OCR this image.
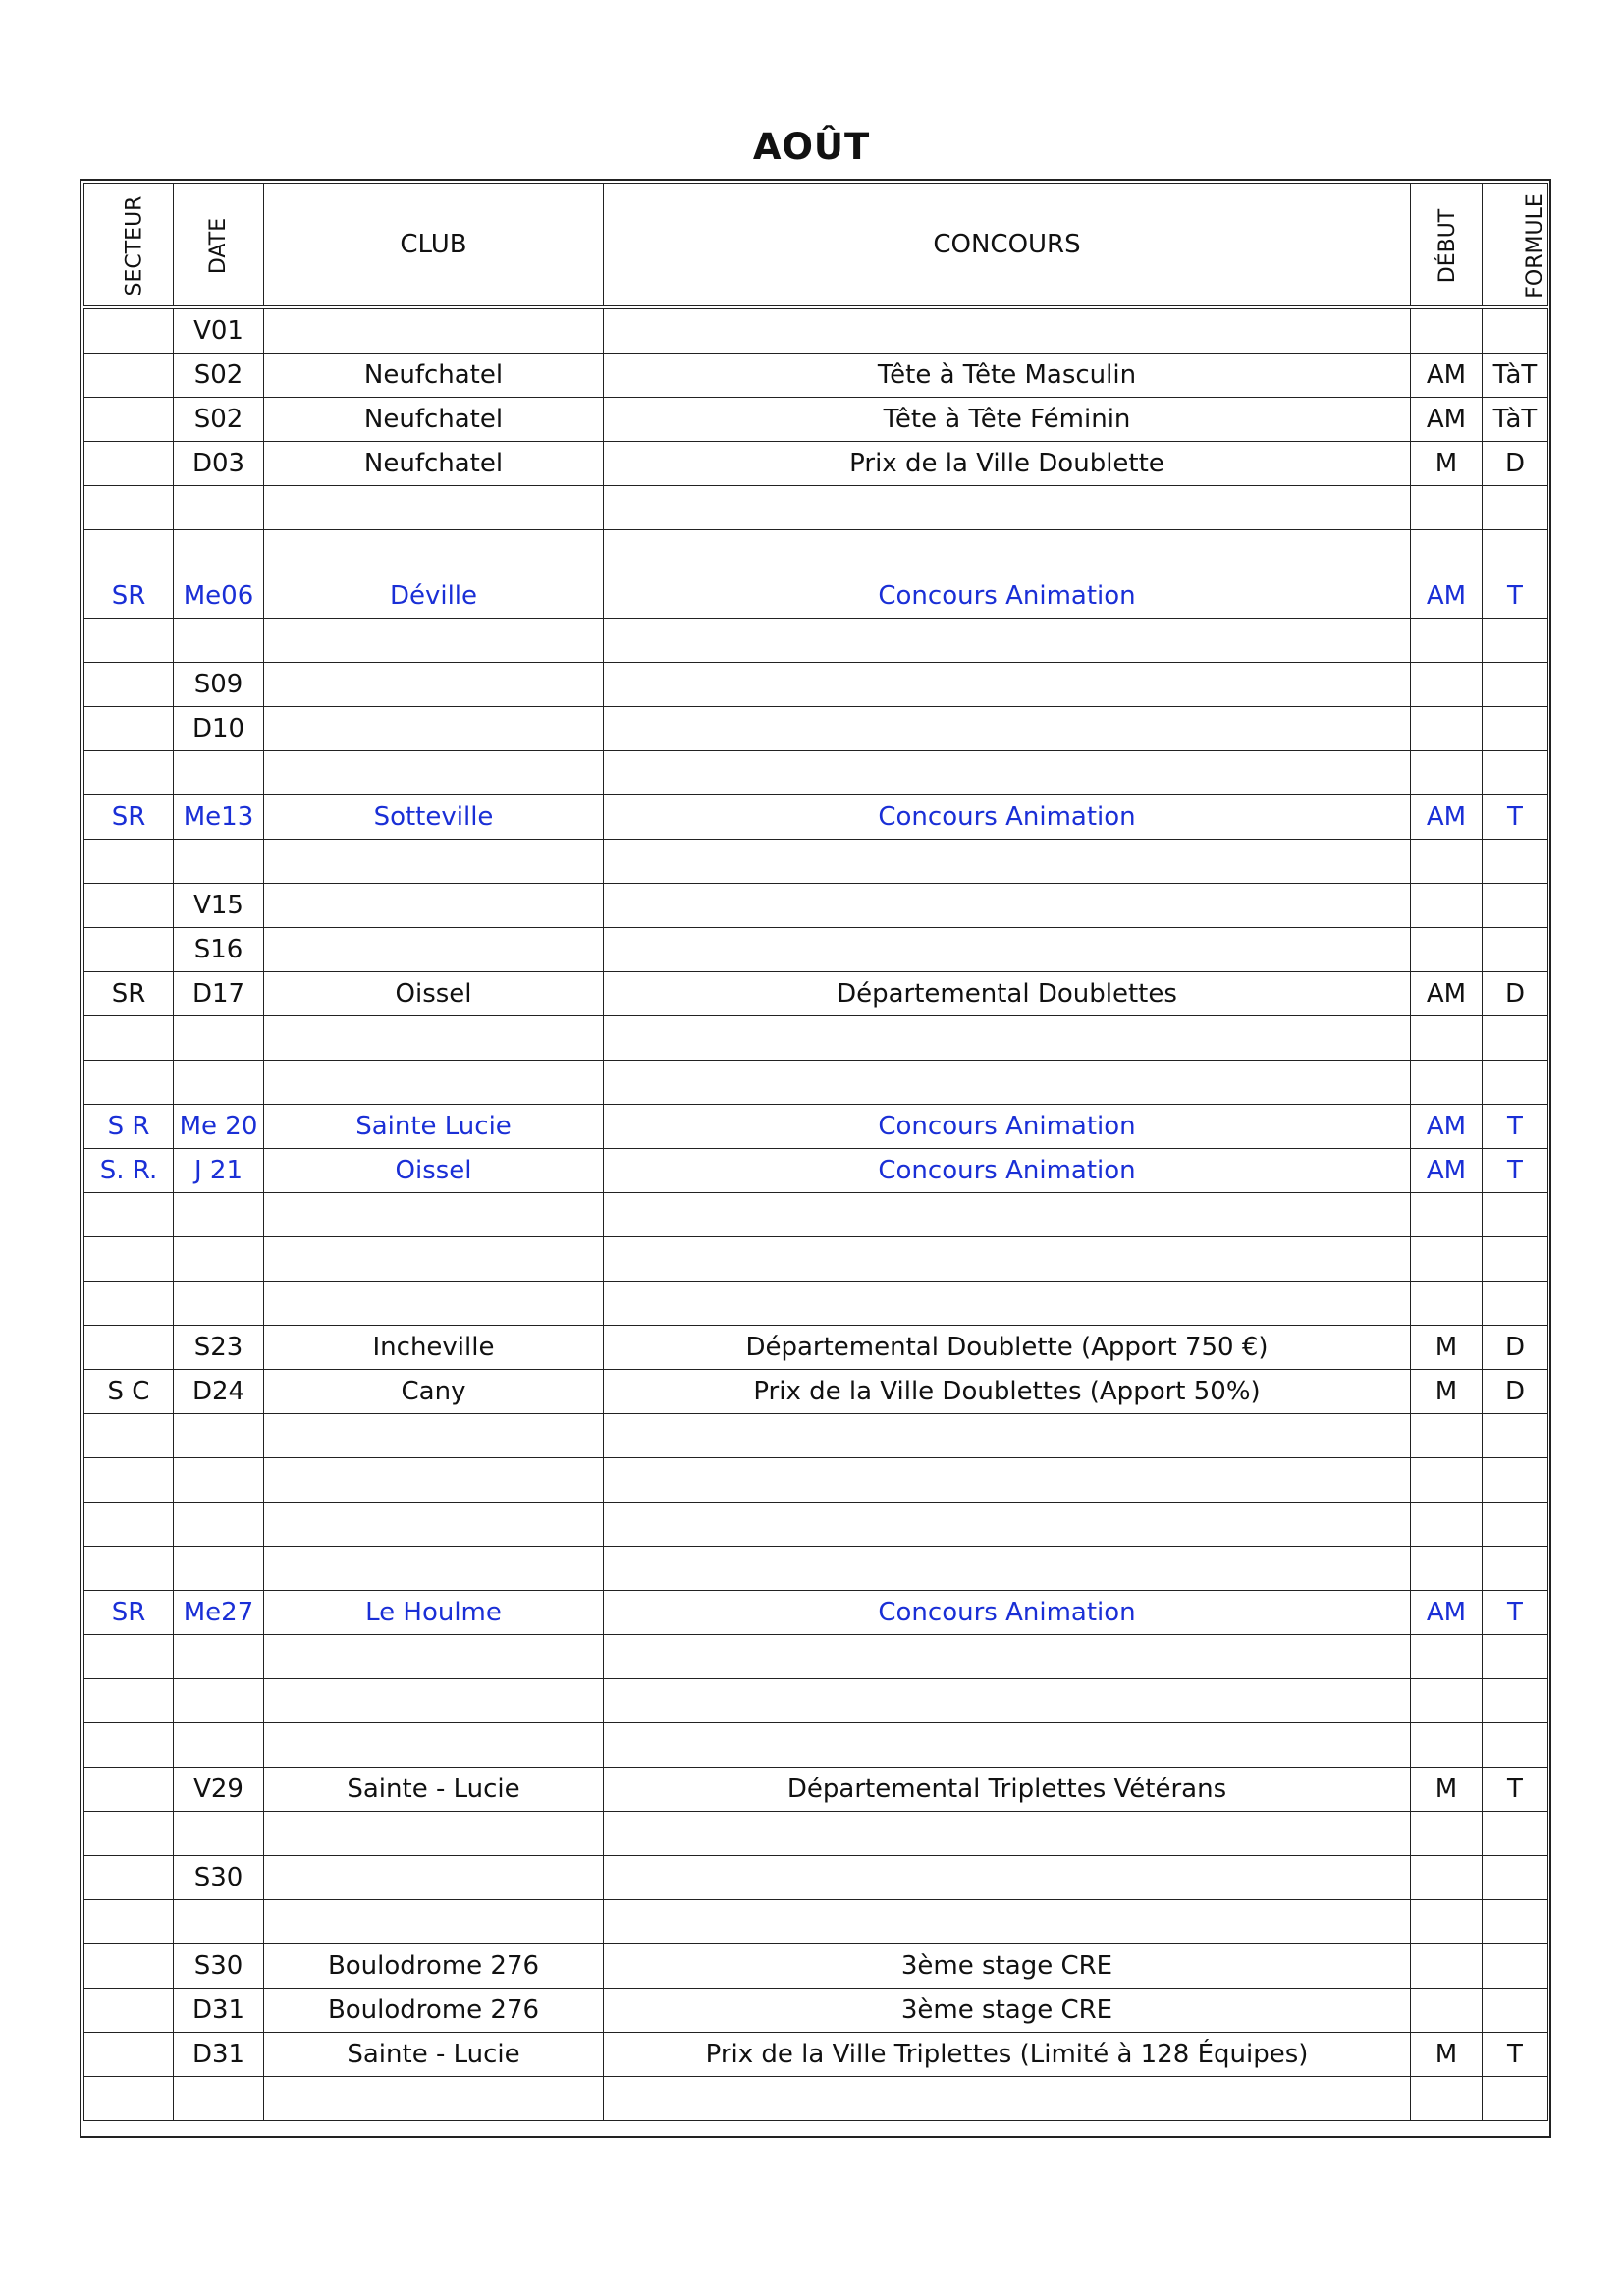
AOÛT
SECTEUR	DATE	CLUB	CONCOURS	DÉBUT	FORMULE
	V01				
	S02	Neufchatel	Tête à Tête Masculin	AM	TàT
	S02	Neufchatel	Tête à Tête Féminin	AM	TàT
	D03	Neufchatel	Prix de la Ville Doublette	M	D

SR	Me06	Déville	Concours Animation	AM	T

	S09				
	D10				

SR	Me13	Sotteville	Concours Animation	AM	T

	V15				
	S16				
SR	D17	Oissel	Départemental Doublettes	AM	D

S R	Me 20	Sainte Lucie	Concours Animation	AM	T
S. R.	J 21	Oissel	Concours Animation	AM	T

	S23	Incheville	Départemental Doublette (Apport 750 €)	M	D
S C	D24	Cany	Prix de la Ville Doublettes (Apport 50%)	M	D

SR	Me27	Le Houlme	Concours Animation	AM	T

	V29	Sainte - Lucie	Départemental Triplettes Vétérans	M	T

	S30				

	S30	Boulodrome 276	3ème stage CRE		
	D31	Boulodrome 276	3ème stage CRE		
	D31	Sainte - Lucie	Prix de la Ville Triplettes (Limité à 128 Équipes)	M	T
